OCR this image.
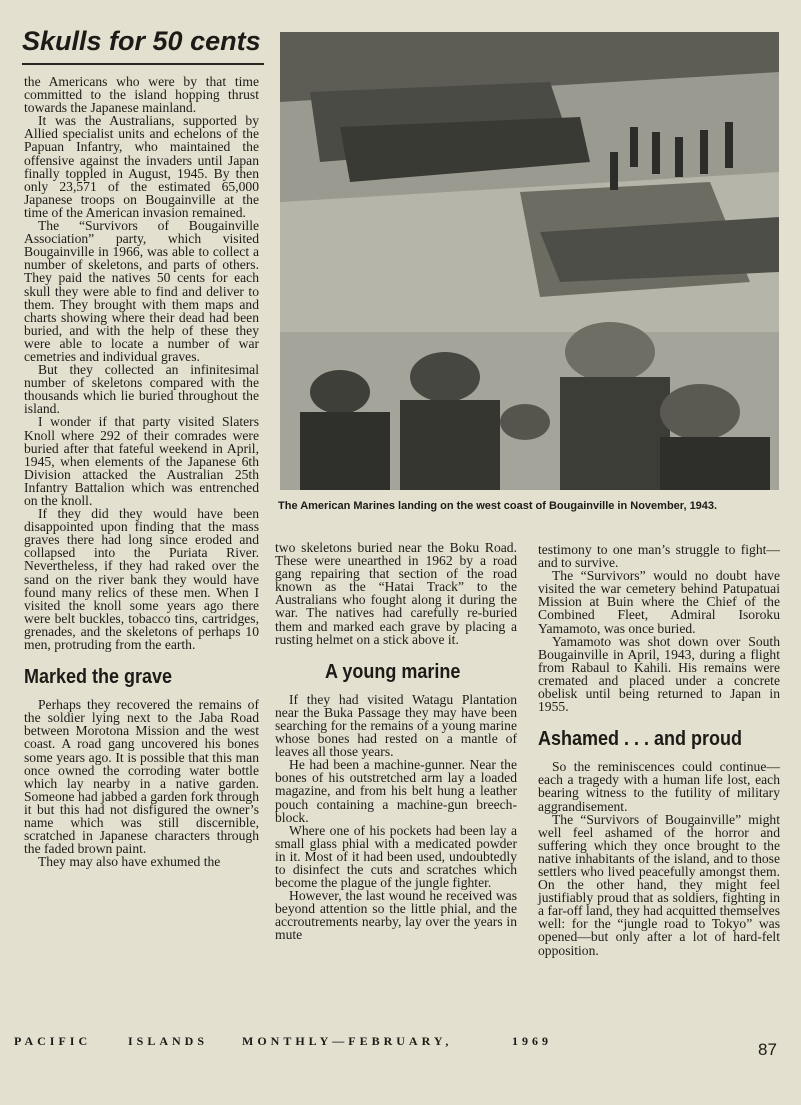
Skulls for 50 cents

the Americans who were by that time committed to the island hopping thrust towards the Japanese mainland.

It was the Australians, supported by Allied specialist units and echelons of the Papuan Infantry, who maintained the offensive against the invaders until Japan finally toppled in August, 1945. By then only 23,571 of the estimated 65,000 Japanese troops on Bougainville at the time of the American invasion remained.

The “Survivors of Bougainville Association” party, which visited Bougainville in 1966, was able to collect a number of skeletons, and parts of others. They paid the natives 50 cents for each skull they were able to find and deliver to them. They brought with them maps and charts showing where their dead had been buried, and with the help of these they were able to locate a number of war cemetries and individual graves.

But they collected an infinitesimal number of skeletons compared with the thousands which lie buried throughout the island.

I wonder if that party visited Slaters Knoll where 292 of their comrades were buried after that fateful weekend in April, 1945, when elements of the Japanese 6th Division attacked the Australian 25th Infantry Battalion which was entrenched on the knoll.

If they did they would have been disappointed upon finding that the mass graves there had long since eroded and collapsed into the Puriata River. Nevertheless, if they had raked over the sand on the river bank they would have found many relics of these men. When I visited the knoll some years ago there were belt buckles, tobacco tins, cartridges, grenades, and the skeletons of perhaps 10 men, protruding from the earth.

Marked the grave

Perhaps they recovered the remains of the soldier lying next to the Jaba Road between Morotona Mission and the west coast. A road gang uncovered his bones some years ago. It is possible that this man once owned the corroding water bottle which lay nearby in a native garden. Someone had jabbed a garden fork through it but this had not disfigured the owner’s name which was still discernible, scratched in Japanese characters through the faded brown paint.

They may also have exhumed the

The American Marines landing on the west coast of Bougainville in November, 1943.

two skeletons buried near the Boku Road. These were unearthed in 1962 by a road gang repairing that section of the road known as the “Hatai Track” to the Australians who fought along it during the war. The natives had carefully re-buried them and marked each grave by placing a rusting helmet on a stick above it.

A young marine

If they had visited Watagu Plantation near the Buka Passage they may have been searching for the remains of a young marine whose bones had rested on a mantle of leaves all those years.

He had been a machine-gunner. Near the bones of his outstretched arm lay a loaded magazine, and from his belt hung a leather pouch containing a machine-gun breech-block.

Where one of his pockets had been lay a small glass phial with a medicated powder in it. Most of it had been used, undoubtedly to disinfect the cuts and scratches which become the plague of the jungle fighter.

However, the last wound he received was beyond attention so the little phial, and the accroutrements nearby, lay over the years in mute

testimony to one man’s struggle to fight—and to survive.

The “Survivors” would no doubt have visited the war cemetery behind Patupatuai Mission at Buin where the Chief of the Combined Fleet, Admiral Isoroku Yamamoto, was once buried.

Yamamoto was shot down over South Bougainville in April, 1943, during a flight from Rabaul to Kahili. His remains were cremated and placed under a concrete obelisk until being returned to Japan in 1955.

Ashamed . . . and proud

So the reminiscences could continue—each a tragedy with a human life lost, each bearing witness to the futility of military aggrandisement.

The “Survivors of Bougainville” might well feel ashamed of the horror and suffering which they once brought to the native inhabitants of the island, and to those settlers who lived peacefully amongst them. On the other hand, they might feel justifiably proud that as soldiers, fighting in a far-off land, they had acquitted themselves well: for the “jungle road to Tokyo” was opened—but only after a lot of hard-felt opposition.

PACIFIC	ISLANDS	MONTHLY—FEBRUARY,	1969	87
